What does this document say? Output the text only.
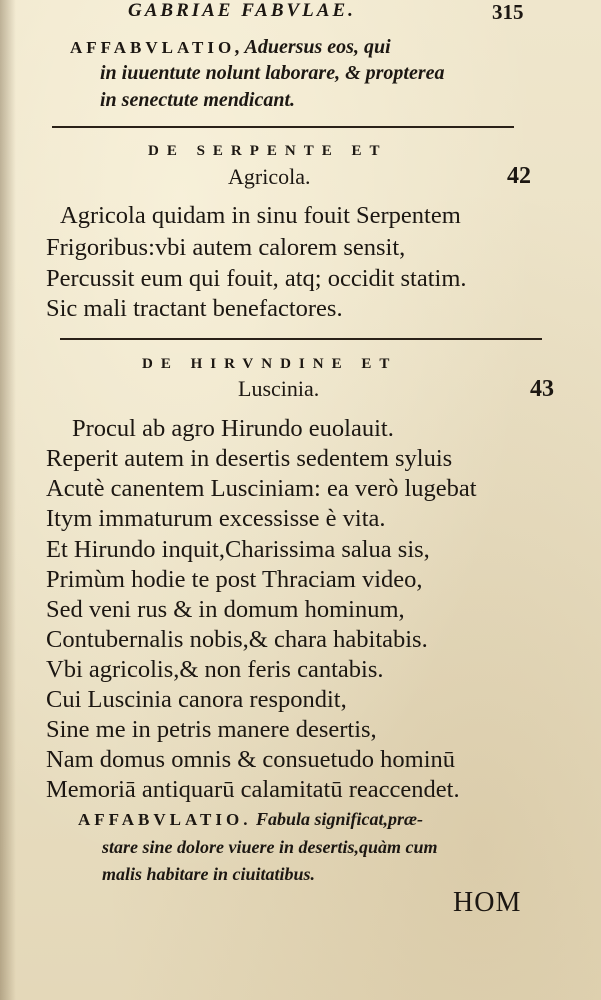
GABRIAE FABVLAE.	315
AFFABVLATIO, Aduersus eos, qui
in iuuentute nolunt laborare, & propterea
in senectute mendicant.
DE SERPENTE ET
Agricola.	42
Agricola quidam in sinu fouit Serpentem
Frigoribus:vbi autem calorem sensit,
Percussit eum qui fouit, atq; occidit statim.
Sic mali tractant benefactores.
DE HIRVNDINE ET
Luscinia.	43
Procul ab agro Hirundo euolauit.
Reperit autem in desertis sedentem syluis
Acutè canentem Lusciniam: ea verò lugebat
Itym immaturum excessisse è vita.
Et Hirundo inquit,Charissima salua sis,
Primùm hodie te post Thraciam video,
Sed veni rus & in domum hominum,
Contubernalis nobis,& chara habitabis.
Vbi agricolis,& non feris cantabis.
Cui Luscinia canora respondit,
Sine me in petris manere desertis,
Nam domus omnis & consuetudo hominū
Memoriā antiquarū calamitatū reaccendet.
AFFABVLATIO. Fabula significat,præ-
stare sine dolore viuere in desertis,quàm cum
malis habitare in ciuitatibus.
HOM
